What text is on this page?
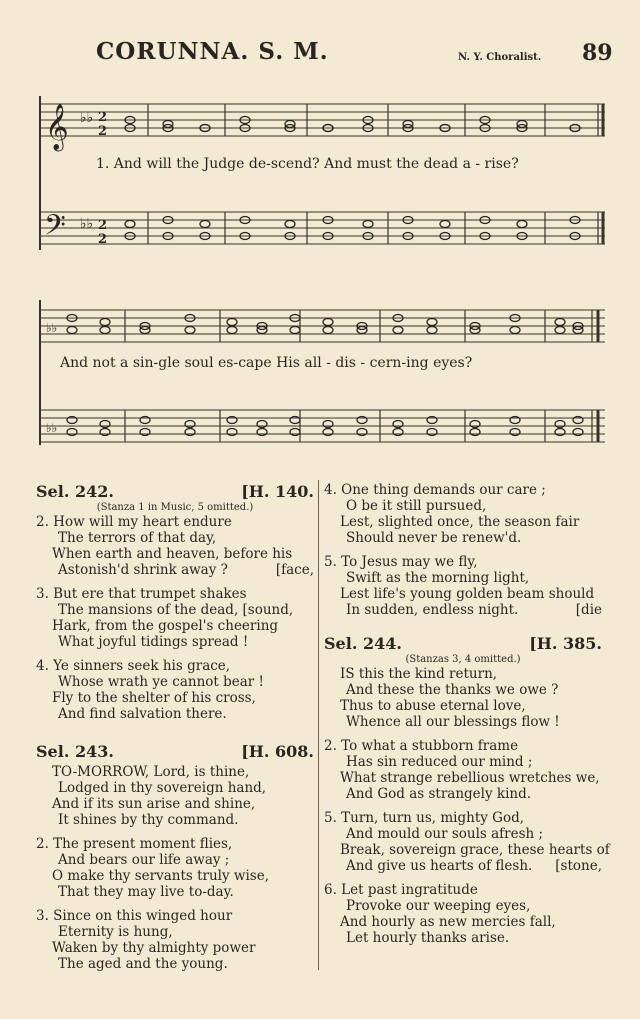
CORUNNA. S. M.	N. Y. Choralist. 89
𝄞
𝄢
♭♭
♭♭
2
2
2
2
♭♭
♭♭
1. And will the Judge de-scend? And must the dead a - rise?
And not a sin-gle soul es-cape His all - dis - cern-ing eyes?
Sel. 242.	[H. 140.
(Stanza 1 in Music, 5 omitted.)
2. How will my heart endure
The terrors of that day,
When earth and heaven, before his
Astonish'd shrink away ?	[face,
3. But ere that trumpet shakes
The mansions of the dead, [sound,
Hark, from the gospel's cheering
What joyful tidings spread !
4. Ye sinners seek his grace,
Whose wrath ye cannot bear !
Fly to the shelter of his cross,
And find salvation there.
Sel. 243.	[H. 608.
TO-MORROW, Lord, is thine,
Lodged in thy sovereign hand,
And if its sun arise and shine,
It shines by thy command.
2. The present moment flies,
And bears our life away ;
O make thy servants truly wise,
That they may live to-day.
3. Since on this winged hour
Eternity is hung,
Waken by thy almighty power
The aged and the young.
4. One thing demands our care ;
O be it still pursued,
Lest, slighted once, the season fair
Should never be renew'd.
5. To Jesus may we fly,
Swift as the morning light,
Lest life's young golden beam should
In sudden, endless night.	[die
Sel. 244.	[H. 385.
(Stanzas 3, 4 omitted.)
IS this the kind return,
And these the thanks we owe ?
Thus to abuse eternal love,
Whence all our blessings flow !
2. To what a stubborn frame
Has sin reduced our mind ;
What strange rebellious wretches we,
And God as strangely kind.
5. Turn, turn us, mighty God,
And mould our souls afresh ;
Break, sovereign grace, these hearts of
And give us hearts of flesh. [stone,
6. Let past ingratitude
Provoke our weeping eyes,
And hourly as new mercies fall,
Let hourly thanks arise.
